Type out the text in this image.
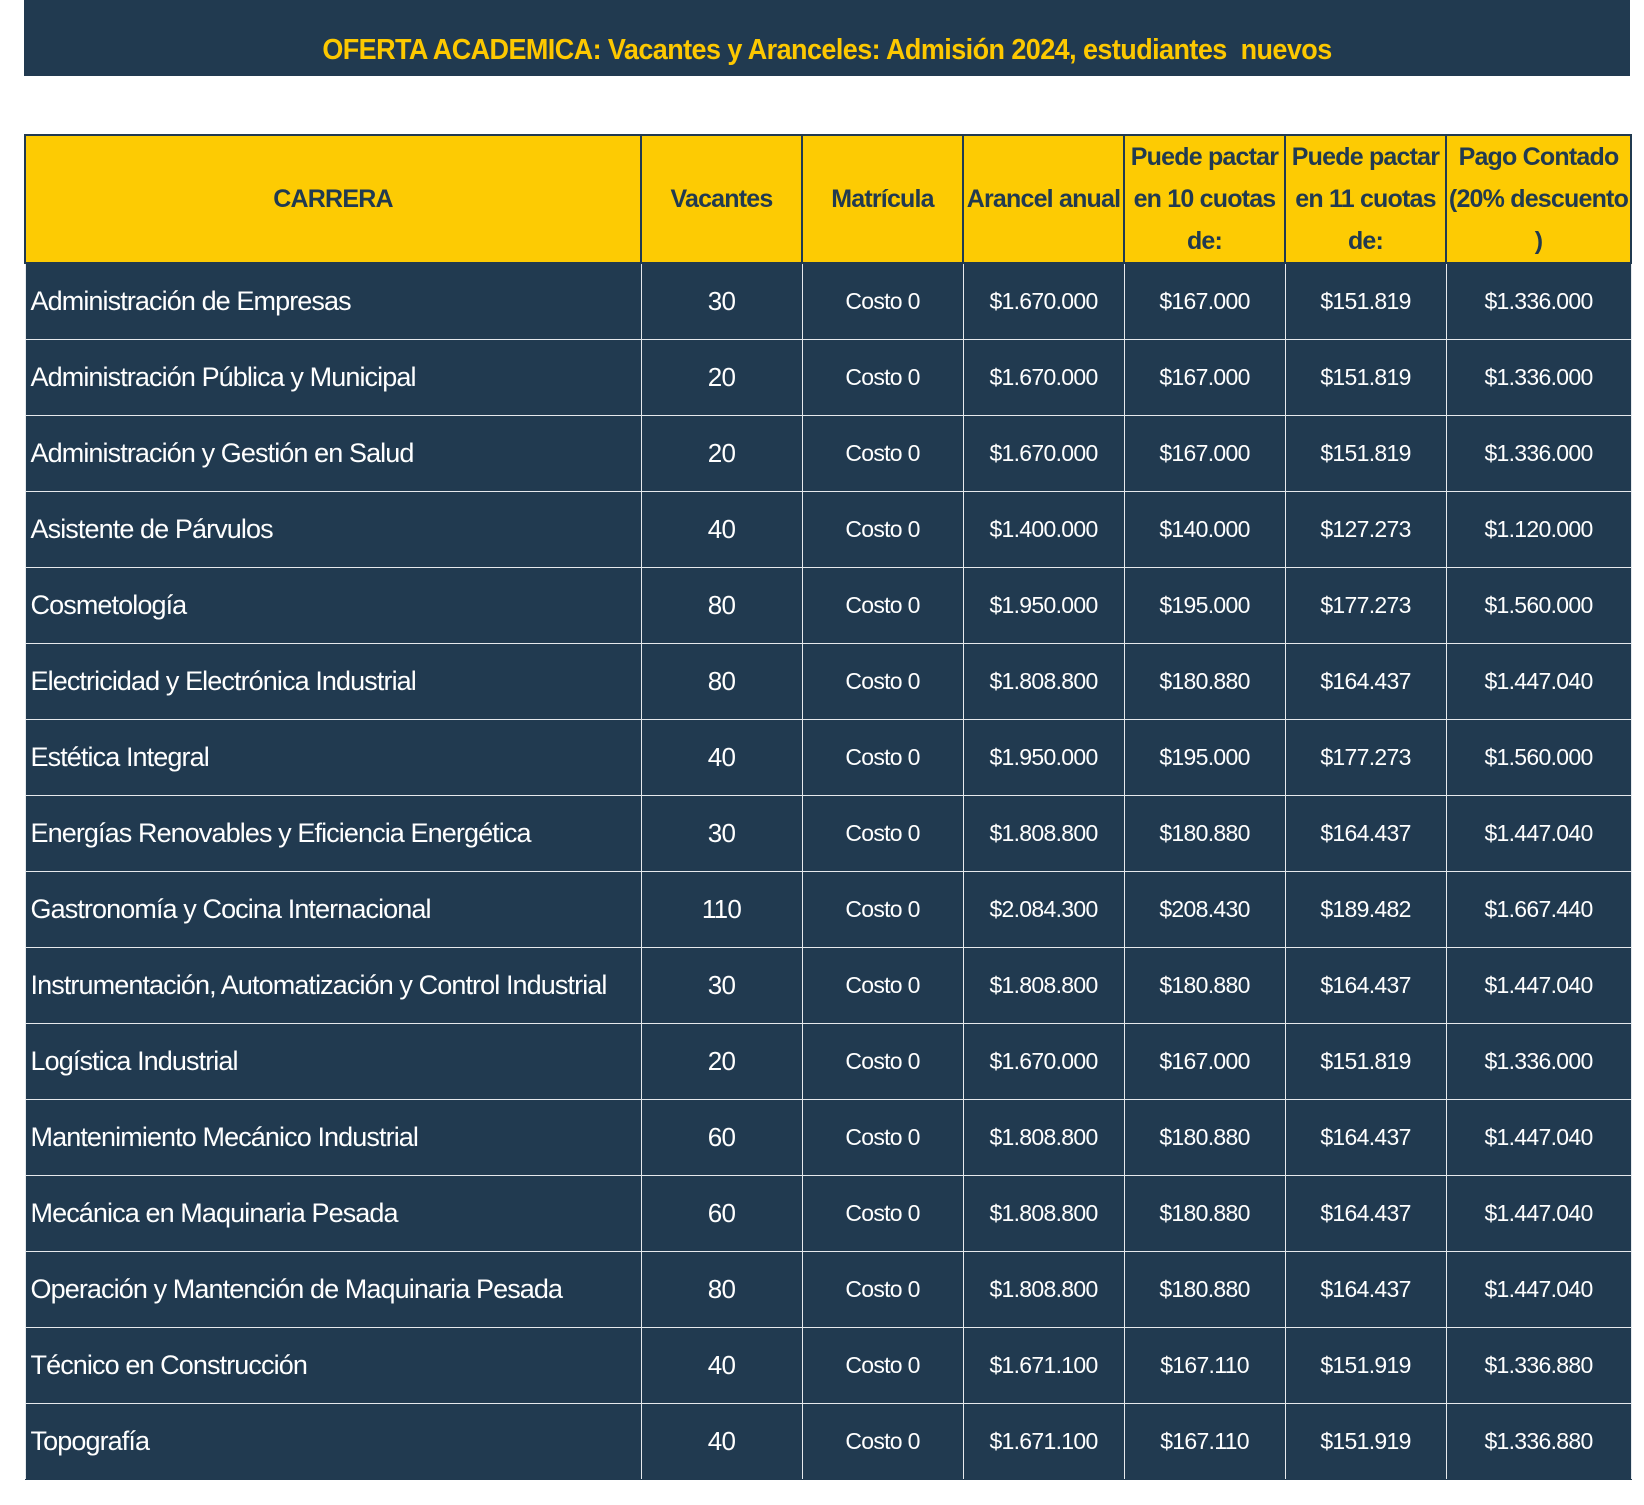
OFERTA ACADEMICA: Vacantes y Aranceles: Admisión 2024, estudiantes  nuevos
CARRERA	Vacantes	Matrícula	Arancel anual	Puede pactar en 10 cuotas de:	Puede pactar en 11 cuotas de:	Pago Contado (20% descuento )
Administración de Empresas	30	Costo 0	$1.670.000	$167.000	$151.819	$1.336.000
Administración Pública y Municipal	20	Costo 0	$1.670.000	$167.000	$151.819	$1.336.000
Administración y Gestión en Salud	20	Costo 0	$1.670.000	$167.000	$151.819	$1.336.000
Asistente de Párvulos	40	Costo 0	$1.400.000	$140.000	$127.273	$1.120.000
Cosmetología	80	Costo 0	$1.950.000	$195.000	$177.273	$1.560.000
Electricidad y Electrónica Industrial	80	Costo 0	$1.808.800	$180.880	$164.437	$1.447.040
Estética Integral	40	Costo 0	$1.950.000	$195.000	$177.273	$1.560.000
Energías Renovables y Eficiencia Energética	30	Costo 0	$1.808.800	$180.880	$164.437	$1.447.040
Gastronomía y Cocina Internacional	110	Costo 0	$2.084.300	$208.430	$189.482	$1.667.440
Instrumentación, Automatización y Control Industrial	30	Costo 0	$1.808.800	$180.880	$164.437	$1.447.040
Logística Industrial	20	Costo 0	$1.670.000	$167.000	$151.819	$1.336.000
Mantenimiento Mecánico Industrial	60	Costo 0	$1.808.800	$180.880	$164.437	$1.447.040
Mecánica en Maquinaria Pesada	60	Costo 0	$1.808.800	$180.880	$164.437	$1.447.040
Operación y Mantención de Maquinaria Pesada	80	Costo 0	$1.808.800	$180.880	$164.437	$1.447.040
Técnico en Construcción	40	Costo 0	$1.671.100	$167.110	$151.919	$1.336.880
Topografía	40	Costo 0	$1.671.100	$167.110	$151.919	$1.336.880
